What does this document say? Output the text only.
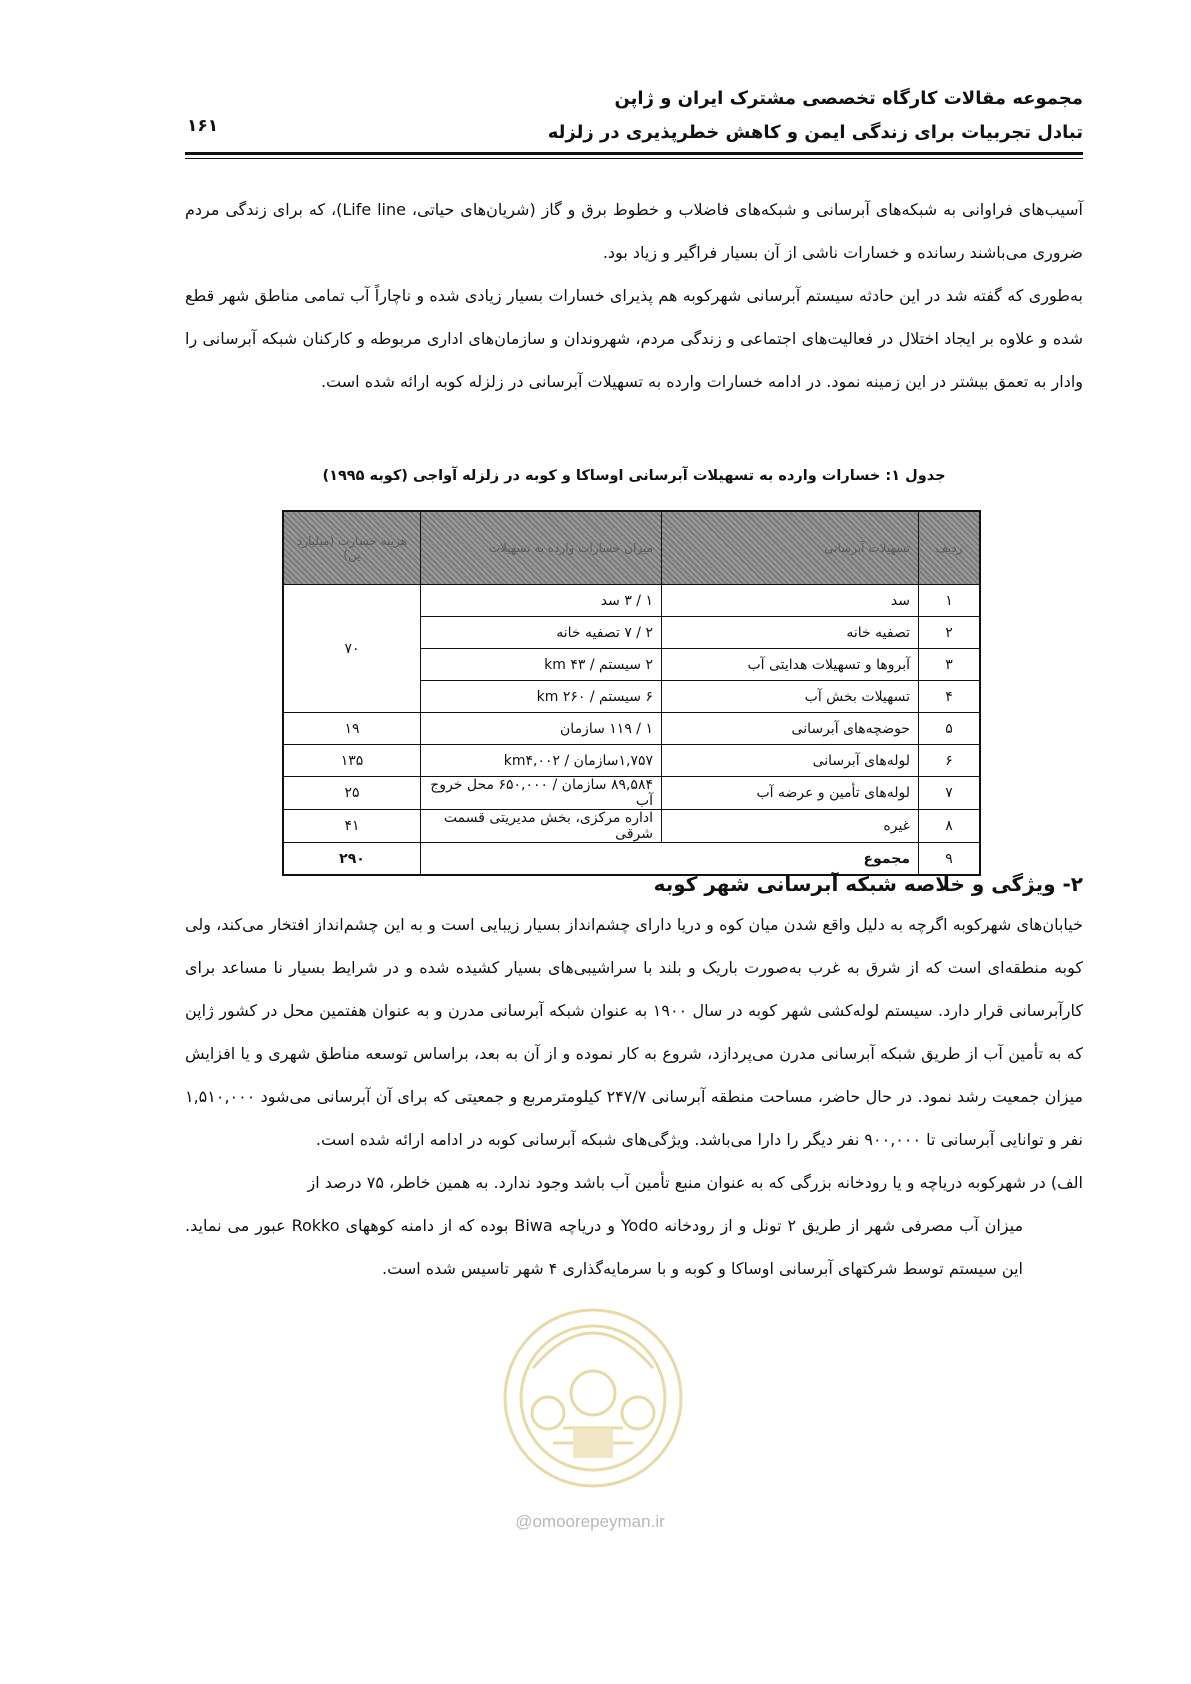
مجموعه مقالات کارگاه تخصصی مشترک ایران و ژاپن
تبادل تجربیات برای زندگی ایمن و کاهش خطرپذیری در زلزله
۱۶۱

آسیب‌های فراوانی به شبکه‌های آبرسانی و شبکه‌های فاضلاب و خطوط برق و گاز (شریان‌های حیاتی، Life line)، که برای زندگی مردم ضروری می‌باشند رسانده و خسارات ناشی از آن بسیار فراگیر و زیاد بود.

به‌طوری که گفته شد در این حادثه سیستم آبرسانی شهرکوبه هم پذیرای خسارات بسیار زیادی شده و ناچاراً آب تمامی مناطق شهر قطع شده و علاوه بر ایجاد اختلال در فعالیت‌های اجتماعی و زندگی مردم، شهروندان و سازمان‌های اداری مربوطه و کارکنان شبکه آبرسانی را وادار به تعمق بیشتر در این زمینه نمود. در ادامه خسارات وارده به تسهیلات آبرسانی در زلزله کوبه ارائه شده است.

جدول ۱: خسارات وارده به تسهیلات آبرسانی اوساکا و کوبه در زلزله آواجی (کوبه ۱۹۹۵)
ردیف	تسهیلات آبرسانی	میزان خسارات وارده به تسهیلات	هزینه خسارت (میلیارد ین)
۱	سد	۱ / ۳ سد	۷۰
۲	تصفیه خانه	۲ / ۷ تصفیه خانه	
۳	آبروها و تسهیلات هدایتی آب	۲ سیستم / ۴۳ km	
۴	تسهیلات بخش آب	۶ سیستم / ۲۶۰ km	
۵	حوضچه‌های آبرسانی	۱ / ۱۱۹ سازمان	۱۹
۶	لوله‌های آبرسانی	۱,۷۵۷سازمان / km۴,۰۰۲	۱۳۵
۷	لوله‌های تأمین و عرضه آب	۸۹,۵۸۴ سازمان / ۶۵۰,۰۰۰ محل خروج آب	۲۵
۸	غیره	اداره مرکزی، بخش مدیریتی قسمت شرقی	۴۱
۹	مجموع		۲۹۰
۲- ویژگی و خلاصه شبکه آبرسانی شهر کوبه

خیابان‌های شهرکوبه اگرچه به دلیل واقع شدن میان کوه و دریا دارای چشم‌انداز بسیار زیبایی است و به این چشم‌انداز افتخار می‌کند، ولی کوبه منطقه‌ای است که از شرق به غرب به‌صورت باریک و بلند با سراشیبی‌های بسیار کشیده شده و در شرایط بسیار نا مساعد برای کارآبرسانی قرار دارد. سیستم لوله‌کشی شهر کوبه در سال ۱۹۰۰ به عنوان شبکه آبرسانی مدرن و به عنوان هفتمین محل در کشور ژاپن که به تأمین آب از طریق شبکه آبرسانی مدرن می‌پردازد، شروع به کار نموده و از آن به بعد، براساس توسعه مناطق شهری و یا افزایش میزان جمعیت رشد نمود. در حال حاضر، مساحت منطقه آبرسانی ۲۴۷/۷ کیلومترمربع و جمعیتی که برای آن آبرسانی می‌شود ۱,۵۱۰,۰۰۰ نفر و توانایی آبرسانی تا ۹۰۰,۰۰۰ نفر دیگر را دارا می‌باشد. ویژگی‌های شبکه آبرسانی کوبه در ادامه ارائه شده است.

الف) در شهرکوبه دریاچه و یا رودخانه بزرگی که به عنوان منبع تأمین آب باشد وجود ندارد. به همین خاطر، ۷۵ درصد از

میزان آب مصرفی شهر از طریق ۲ تونل و از رودخانه Yodo و دریاچه Biwa بوده که از دامنه کوههای Rokko عبور می نماید. این سیستم توسط شرکتهای آبرسانی اوساکا و کوبه و با سرمایه‌گذاری ۴ شهر تاسیس شده است.

@omoorepeyman.ir
